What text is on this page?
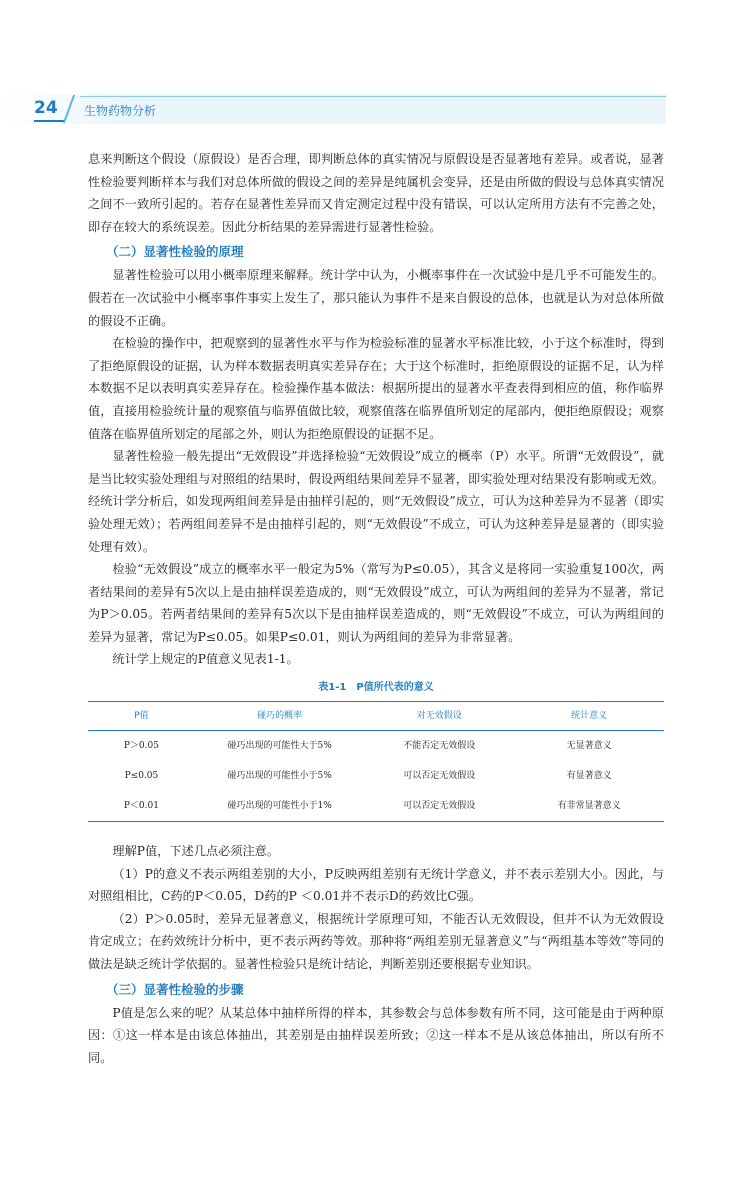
24 生物药物分析

息来判断这个假设（原假设）是否合理，即判断总体的真实情况与原假设是否显著地有差异。或者说，显著性检验要判断样本与我们对总体所做的假设之间的差异是纯属机会变异，还是由所做的假设与总体真实情况之间不一致所引起的。若存在显著性差异而又肯定测定过程中没有错误，可以认定所用方法有不完善之处，即存在较大的系统误差。因此分析结果的差异需进行显著性检验。

（二）显著性检验的原理

显著性检验可以用小概率原理来解释。统计学中认为，小概率事件在一次试验中是几乎不可能发生的。假若在一次试验中小概率事件事实上发生了，那只能认为事件不是来自假设的总体，也就是认为对总体所做的假设不正确。

在检验的操作中，把观察到的显著性水平与作为检验标准的显著水平标准比较，小于这个标准时，得到了拒绝原假设的证据，认为样本数据表明真实差异存在；大于这个标准时，拒绝原假设的证据不足，认为样本数据不足以表明真实差异存在。检验操作基本做法：根据所提出的显著水平查表得到相应的值，称作临界值，直接用检验统计量的观察值与临界值做比较，观察值落在临界值所划定的尾部内，便拒绝原假设；观察值落在临界值所划定的尾部之外，则认为拒绝原假设的证据不足。

显著性检验一般先提出“无效假设”并选择检验“无效假设”成立的概率（P）水平。所谓“无效假设”，就是当比较实验处理组与对照组的结果时，假设两组结果间差异不显著，即实验处理对结果没有影响或无效。经统计学分析后，如发现两组间差异是由抽样引起的，则“无效假设”成立，可认为这种差异为不显著（即实验处理无效）；若两组间差异不是由抽样引起的，则“无效假设”不成立，可认为这种差异是显著的（即实验处理有效）。

检验“无效假设”成立的概率水平一般定为5%（常写为P≤0.05），其含义是将同一实验重复100次，两者结果间的差异有5次以上是由抽样误差造成的，则“无效假设”成立，可认为两组间的差异为不显著，常记为P＞0.05。若两者结果间的差异有5次以下是由抽样误差造成的，则“无效假设”不成立，可认为两组间的差异为显著，常记为P≤0.05。如果P≤0.01，则认为两组间的差异为非常显著。

统计学上规定的P值意义见表1-1。

表1-1　P值所代表的意义
P值	碰巧的概率	对无效假设	统计意义
P＞0.05	碰巧出现的可能性大于5%	不能否定无效假设	无显著意义
P≤0.05	碰巧出现的可能性小于5%	可以否定无效假设	有显著意义
P＜0.01	碰巧出现的可能性小于1%	可以否定无效假设	有非常显著意义

理解P值，下述几点必须注意。

（1）P的意义不表示两组差别的大小，P反映两组差别有无统计学意义，并不表示差别大小。因此，与对照组相比，C药的P＜0.05，D药的P ＜0.01并不表示D的药效比C强。

（2）P＞0.05时，差异无显著意义，根据统计学原理可知，不能否认无效假设，但并不认为无效假设肯定成立；在药效统计分析中，更不表示两药等效。那种将“两组差别无显著意义”与“两组基本等效”等同的做法是缺乏统计学依据的。显著性检验只是统计结论，判断差别还要根据专业知识。

（三）显著性检验的步骤

P值是怎么来的呢？从某总体中抽样所得的样本，其参数会与总体参数有所不同，这可能是由于两种原因：①这一样本是由该总体抽出，其差别是由抽样误差所致；②这一样本不是从该总体抽出，所以有所不同。
